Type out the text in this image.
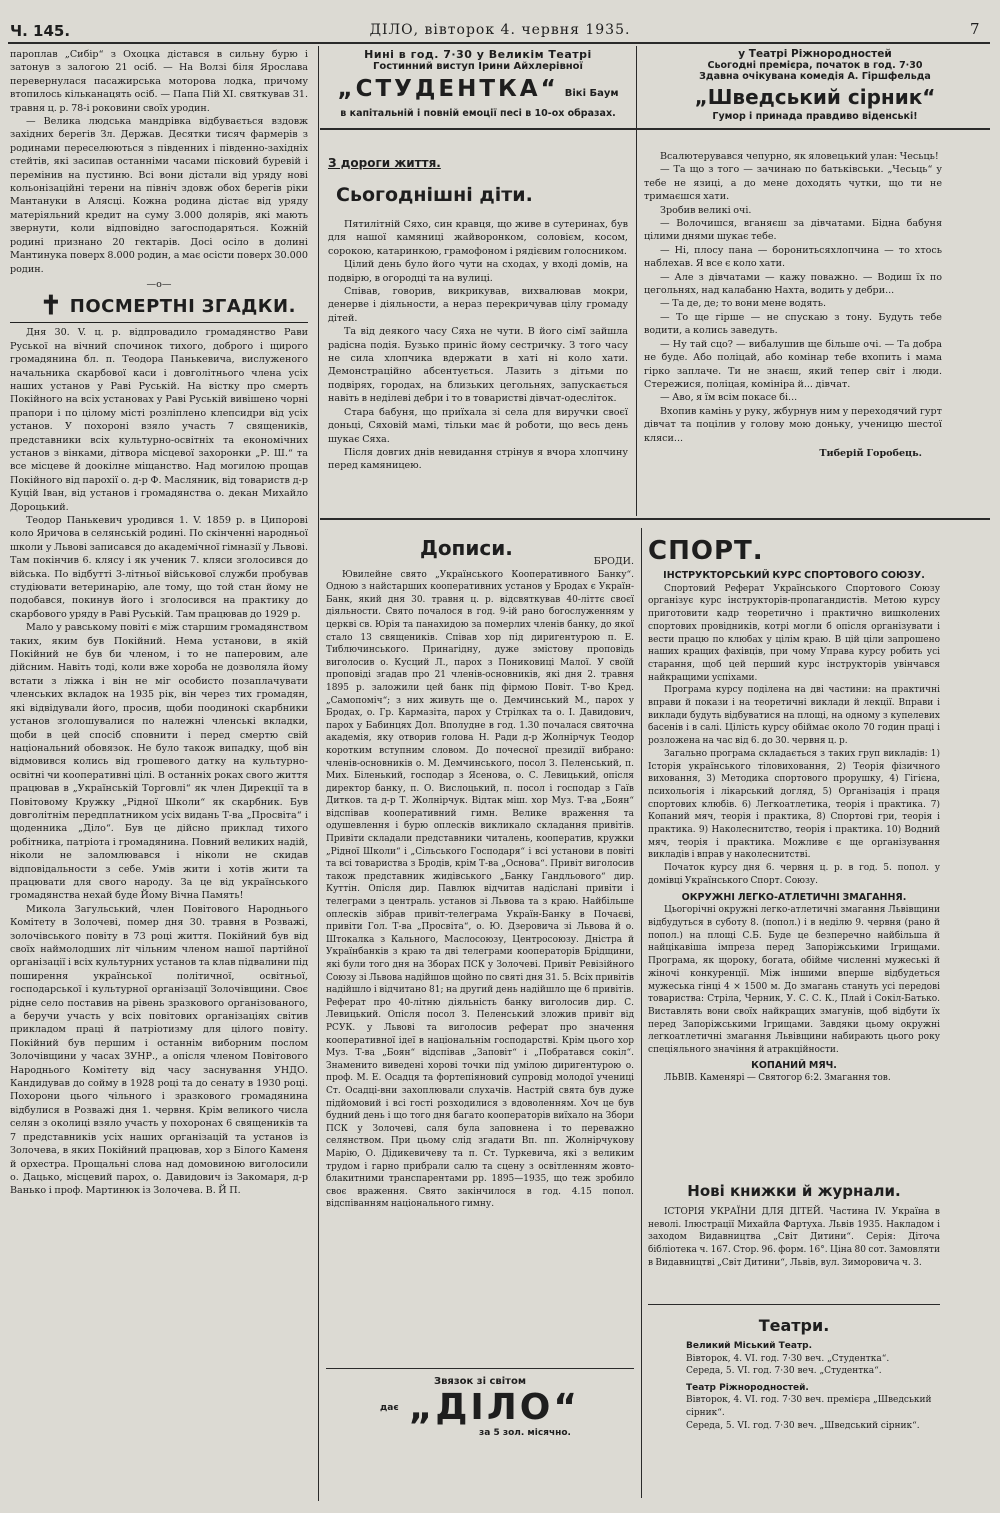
Ч. 145.	ДІЛО, вівторок 4. червня 1935.	7

пароплав „Сибір“ з Охоцка дістався в сильну бурю і затонув з залогою 21 осіб. — На Волзі біля Ярослава перевернулася пасажирська моторова лодка, причому втопилось кільканацять осіб. — Папа Пій XI. святкував 31. травня ц. р. 78-і роковини своїх уродин.

— Велика людська мандрівка відбувається вздовж західних берегів Зл. Держав. Десятки тисяч фармерів з родинами переселюються з південних і південно-західніх стейтів, які засипав останніми часами пісковий буревій і перемінив на пустиню. Всі вони дістали від уряду нові кольонізаційні терени на північ здовж обох берегів ріки Мантануки в Алясці. Кожна родина дістає від уряду матеріяльний кредит на суму 3.000 долярів, які мають звернути, коли відповідно загосподаряться. Кожній родині признано 20 гектарів. Досі осіло в долині Мантинука поверх 8.000 родин, а має осісти поверх 30.000 родин.

—о—
✝ ПОСМЕРТНІ ЗГАДКИ.

Дня 30. V. ц. р. відпровадило громадянство Рави Руської на вічний спочинок тихого, доброго і щирого громадянина бл. п. Теодора Панькевича, вислуженого начальника скарбової каси і довголітнього члена усіх наших установ у Раві Руській. На вістку про смерть Покійного на всіх установах у Раві Руській вивішено чорні прапори і по цілому місті розліплено клепсидри від усіх установ. У похороні взяло участь 7 священиків, представники всіх культурно-освітніх та економічних установ з вінками, дітвора місцевої захоронки „Р. Ш.“ та все місцеве й доокілне міщанство. Над могилою прощав Покійного від парохії о. д-р Ф. Масляник, від товариств д-р Куцій Іван, від установ і громадянства о. декан Михайло Дороцький.

Теодор Панькевич уродився 1. V. 1859 р. в Ципорові коло Яричова в селянській родині. По скінченні народньої школи у Львові записався до академічної гімназії у Львові. Там покінчив 6. клясу і як ученик 7. кляси зголосився до війська. По відбутті 3-літньої військової служби пробував студіювати ветеринарію, але тому, що той стан йому не подобався, покинув його і зголосився на практику до скарбового уряду в Раві Руській. Там працював до 1929 р.

Мало у равському повіті є між старшим громадянством таких, яким був Покійний. Нема установи, в якій Покійний не був би членом, і то не паперовим, але дійсним. Навіть тоді, коли вже хороба не дозволяла йому встати з ліжка і він не міг особисто позаплачувати членських вкладок на 1935 рік, він через тих громадян, які відвідували його, просив, щоби поодинокі скарбники установ зголошувалися по належні членські вкладки, щоби в цей спосіб сповнити і перед смертю свій національний обовязок. Не було також випадку, щоб він відмовився колись від грошевого датку на культурно-освітні чи кооперативні цілі. В останніх роках свого життя працював в „Українській Торговлі“ як член Дирекції та в Повітовому Кружку „Рідної Школи“ як скарбник. Був довголітнім передплатником усіх видань Т-ва „Просвіта“ і щоденника „Діло“. Був це дійсно приклад тихого робітника, патріота і громадянина. Повний великих надій, ніколи не заломлювався і ніколи не скидав відповідальности з себе. Умів жити і хотів жити та працювати для свого народу. За це від українського громадянства нехай буде Йому Вічна Память!

Микола Загульський, член Повітового Народнього Комітету в Золочеві, помер дня 30. травня в Розважі, золочівського повіту в 73 році життя. Покійний був від своїх наймолодших літ чільним членом нашої партійної організації і всіх культурних установ та клав підвалини під поширення української політичної, освітньої, господарської і культурної організації Золочівщини. Своє рідне село поставив на рівень зразкового організованого, а беручи участь у всіх повітових організаціях світив прикладом праці й патріотизму для цілого повіту. Покійний був першим і останнім виборним послом Золочівщини у часах ЗУНР., а опісля членом Повітового Народнього Комітету від часу заснування УНДО. Кандидував до сойму в 1928 році та до сенату в 1930 році. Похорони цього чільного і зразкового громадянина відбулися в Розважі дня 1. червня. Крім великого числа селян з околиці взяло участь у похоронах 6 священиків та 7 представників усіх наших організацій та установ із Золочева, в яких Покійний працював, хор з Білого Каменя й орхестра. Прощальні слова над домовиною виголосили о. Дацько, місцевий парох, о. Давидович із Закомаря, д-р Ванько і проф. Мартинюк із Золочева. В. Й П.

Нині в год. 7·30 у Великім Театрі
Гостинний виступ Ірини Айхлерівної
„СТУДЕНТКА“ Вікі Баум
в капітальній і повній емоції песі в 10-ох образах.
у Театрі Ріжнородностей
Сьогодні премієра, початок в год. 7·30
Здавна очікувана комедія А. Гіршфельда
„Шведський сірник“
Гумор і принада правдиво віденські!
З дороги життя.
Сьогоднішні діти.

Пятилітній Сяхо, син кравця, що живе в сутеринах, був для нашої камяниці жайворонком, соловієм, косом, сорокою, катаринкою, грамофоном і рядієвим голосником.

Цілий день було його чути на сходах, у вході домів, на подвірю, в огородці та на вулиці.

Співав, говорив, викрикував, вихвалював мокри, денерве і діяльности, а нераз перекричував цілу громаду дітей.

Та від деякого часу Сяха не чути. В його сімї зайшла радісна подія. Бузько приніс йому сестричку. З того часу не сила хлопчика вдержати в хаті ні коло хати. Демонстраційно абсентується. Лазить з дітьми по подвірях, городах, на близьких цегольнях, запускається навіть в неділеві дебри і то в товаристві дівчат-одесліток.

Стара бабуня, що приїхала зі села для виручки своєї доньці, Сяховій мамі, тільки має й роботи, що весь день шукає Сяха.

Після довгих днів невидання стрінув я вчора хлопчину перед камяницею.

Всалютерувався чепурно, як яловецький улан: Чесьць!

— Та що з того — зачинаю по батьківськи. „Чесьць“ у тебе не язиці, а до мене доходять чутки, що ти не тримаєшся хати.

Зробив великі очі.

— Волочишся, вганяєш за дівчатами. Бідна бабуня цілими днями шукає тебе.

— Ні, плосу пана — боронитьсяхлопчина — то хтось наблехав. Я все є коло хати.

— Але з дівчатами — кажу поважно. — Водиш їх по цегольнях, над калабаню Нахта, водить у дебри...

— Та де, де; то вони мене водять.

— То ще гірше — не спускаю з тону. Будуть тебе водити, а колись заведуть.

— Ну тай сцо? — вибалушив ще більше очі. — Та добра не буде. Або поліцай, або комінар тебе вхопить і мама гірко заплаче. Ти не знаєш, який тепер світ і люди. Стережися, поліцая, комініра й... дівчат.

— Аво, я їм всім покасе бі...

Вхопив камінь у руку, жбурнув ним у переходячий гурт дівчат та поцілив у голову мою доньку, ученицю шестої кляси...

Тиберій Горобець.
Дописи.
БРОДИ.

Ювилейне свято „Українського Кооперативного Банку“. Одною з найстарших кооперативних установ у Бродах є Україн-Банк, який дня 30. травня ц. р. відсвяткував 40-літтє своєї діяльности. Свято почалося в год. 9-ій рано богослуженням у церкві св. Юрія та панахидою за померлих членів банку, до якої стало 13 священиків. Співав хор під диригентурою п. Е. Тиблючинського. Принагідну, дуже змістову проповідь виголосив о. Кусций Л., парох з Пониковиці Малої. У своїй проповіді згадав про 21 членів-основників, які дня 2. травня 1895 р. заложили цей банк під фірмою Повіт. Т-во Кред. „Самопоміч“; з них живуть ще о. Демчинський М., парох у Бродах, о. Гр. Кармазіта, парох у Стрілках та о. І. Давидович, парох у Бабинцях Дол. Вполудне в год. 1.30 почалася святочна академія, яку отворив голова Н. Ради д-р Жолнірчук Теодор коротким вступним словом. До почесної президії вибрано: членів-основників о. М. Демчинського, посол З. Пеленський, п. Мих. Біленький, господар з Ясенова, о. С. Левицький, опісля директор банку, п. О. Вислоцький, п. посол і господар з Гаїв Дитков. та д-р Т. Жолнірчук. Відтак міш. хор Муз. Т-ва „Боян“ відспівав кооперативний гимн. Велике враження та одушевлення і бурю оплесків викликало складання привітів. Привіти складали представники читалень, кооператив, кружки „Рідної Школи“ і „Сільського Господаря“ і всі установи в повіті та всі товариства з Бродів, крім Т-ва „Основа“. Привіт виголосив також представник жидівського „Банку Гандльового“ дир. Куттін. Опісля дир. Павлюк відчитав надіслані привіти і телеграми з централь. установ зі Львова та з краю. Найбільше оплесків зібрав привіт-телеграма Україн-Банку в Почаєві, привіти Гол. Т-ва „Просвіта“, о. Ю. Дзеровича зі Львова й о. Штокалка з Кального, Маслосоюзу, Центросоюзу. Дністра й Українбанків з краю та дві телеграми кооператорів Брідщини, які були того дня на Зборах ПСК у Золочеві. Привіт Ревізійного Союзу зі Львова надійшов щойно по святі дня 31. 5. Всіх привітів надійшло і відчитано 81; на другий день надійшло ще 6 привітів. Реферат про 40-літню діяльність банку виголосив дир. С. Левицький. Опісля посол З. Пеленський зложив привіт від РСУК. у Львові та виголосив реферат про значення кооперативної ідеї в національнім господарстві. Крім цього хор Муз. Т-ва „Боян“ відспівав „Заповіт“ і „Побратався сокіл“. Знаменито виведені хорові точки під умілою диригентурою о. проф. М. Е. Осадця та фортепіяновий супровід молодої учениці Ст. Осадці-вни захоплювали слухачів. Настрій свята був дуже підйомовий і всі гості розходилися з вдоволенням. Хоч це був будний день і що того дня багато кооператорів виїхало на Збори ПСК у Золочеві, саля була заповнена і то переважно селянством. При цьому слід згадати Вп. пп. Жолнірчукову Марію, О. Дідикевичеву та п. Ст. Туркевича, які з великим трудом і гарно прибрали салю та сцену з освітленням жовто-блакитними транспарентами рр. 1895—1935, що теж зробило своє враження. Свято закінчилося в год. 4.15 попол. відспіванням національного гимну.

Звязок зі світом
дає „ДІЛО“
за 5 зол. місячно.
СПОРТ.
ІНСТРУКТОРСЬКИЙ КУРС СПОРТОВОГО СОЮЗУ.

Спортовий Реферат Українського Спортового Союзу організує курс інструкторів-пропагандистів. Метою курсу приготовити кадр теоретично і практично вишколених спортових провідників, котрі могли б опісля організувати і вести працю по клюбах у цілім краю. В цій ціли запрошено наших кращих фахівців, при чому Управа курсу робить усі старання, щоб цей перший курс інструкторів увінчався найкращими успіхами.

Програма курсу поділена на дві частини: на практичні вправи й покази і на теоретичні виклади й лекції. Вправи і виклади будуть відбуватися на площі, на одному з купелевих басенів і в салі. Цілість курсу обіймає около 70 годин праці і розложена на час від 6. до 30. червня ц. р.

Загально програма складається з таких груп викладів: 1) Історія українського тіловиховання, 2) Теорія фізичного виховання, 3) Методика спортового прорушку, 4) Гігієна, психольогія і лікарський догляд, 5) Організація і праця спортових клюбів. 6) Легкоатлетика, теорія і практика. 7) Копаний мяч, теорія і практика, 8) Спортові гри, теорія і практика. 9) Наколеснитство, теорія і практика. 10) Водний мяч, теорія і практика. Можливе є ще організування викладів і вправ у наколеснитстві.

Початок курсу дня 6. червня ц. р. в год. 5. попол. у домівці Українського Спорт. Союзу.

ОКРУЖНІ ЛЕГКО-АТЛЕТИЧНІ ЗМАГАННЯ.

Цьогорічні окружні легко-атлетичні змагання Львівщини відбудуться в суботу 8. (попол.) і в неділю 9. червня (рано й попол.) на площі С.Б. Буде це безперечно найбільша й найцікавіша імпреза перед Запоріжськими Ігрищами. Програма, як щорoку, богата, обійме численні мужеські й жіночі конкуренції. Між іншими вперше відбудеться мужеська гінці 4 × 1500 м. До змагань стануть усі передові товариства: Стріла, Черник, У. С. С. К., Плай і Сокіл-Батько. Виставлять вони своїх найкращих змагунів, щоб відбути їх перед Запоріжськими Ігрищами. Завдяки цьому окружні легкоатлетичні змагання Львівщини набирають цього року спеціяльного значіння й атракційности.

КОПАНИЙ МЯЧ.

ЛЬВІВ. Каменярі — Святогор 6:2. Змагання тов.

Нові книжки й журнали.

ІСТОРІЯ УКРАЇНИ ДЛЯ ДІТЕЙ. Частина IV. Україна в неволі. Ілюстрації Михайла Фартуха. Львів 1935. Накладом і заходом Видавництва „Світ Дитини“. Серія: Діточа бібліотека ч. 167. Стор. 96. форм. 16°. Ціна 80 сот. Замовляти в Видавництві „Світ Дитини“, Львів, вул. Зиморовича ч. 3.

Театри.
Великий Міський Театр.
Вівторок, 4. VI. год. 7·30 веч. „Студентка“.
Середа, 5. VI. год. 7·30 веч. „Студентка“.
Театр Ріжнородностей.
Вівторок, 4. VI. год. 7·30 веч. премієра „Шведський сірник“.
Середа, 5. VI. год. 7·30 веч. „Шведський сірник“.
